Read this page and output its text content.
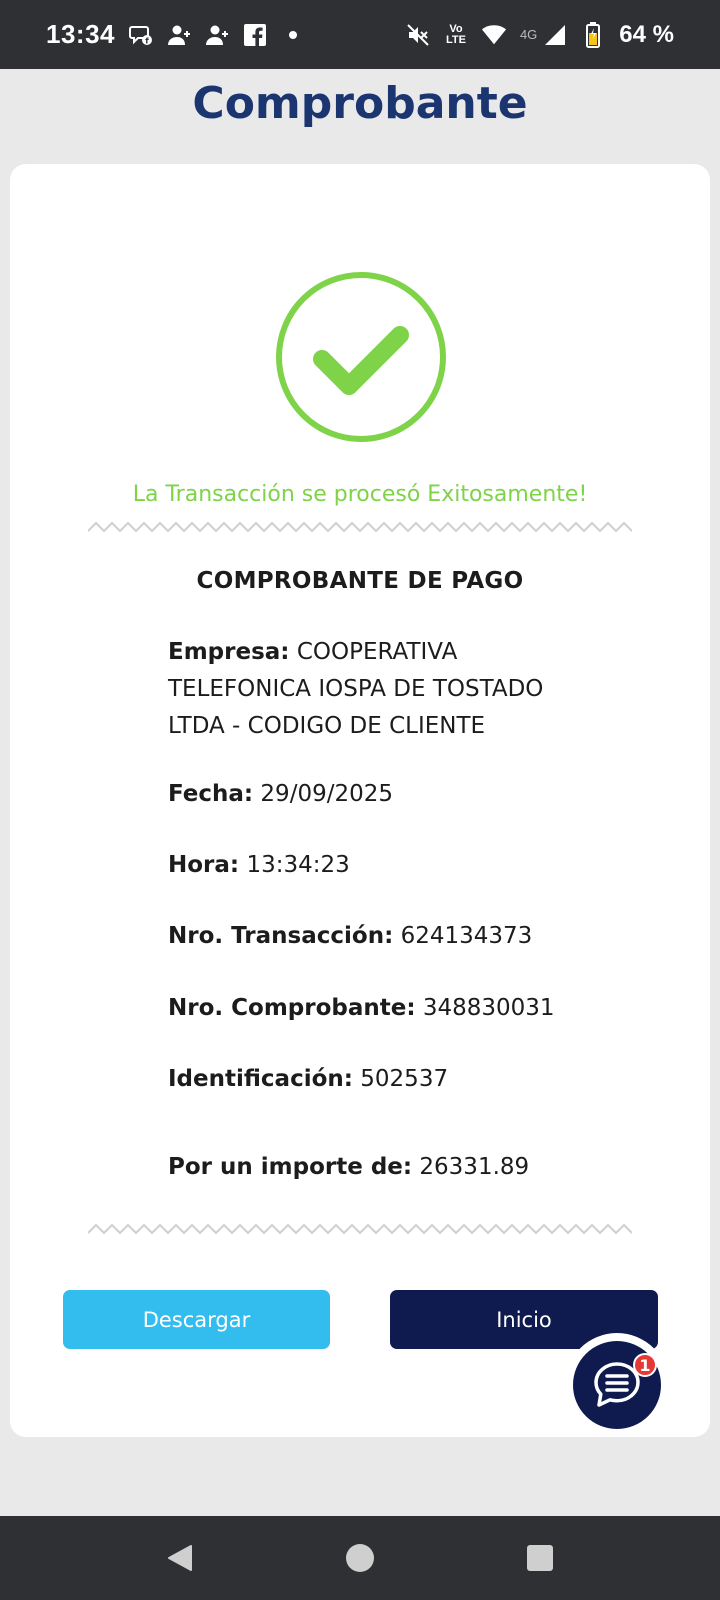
13:34	f
Vo
LTE	4G	64 %
Comprobante
La Transacción se procesó Exitosamente!
COMPROBANTE DE PAGO
Empresa: COOPERATIVA TELEFONICA IOSPA DE TOSTADO LTDA - CODIGO DE CLIENTE
Fecha: 29/09/2025
Hora: 13:34:23
Nro. Transacción: 624134373
Nro. Comprobante: 348830031
Identificación: 502537
Por un importe de: 26331.89
Descargar	Inicio
1
